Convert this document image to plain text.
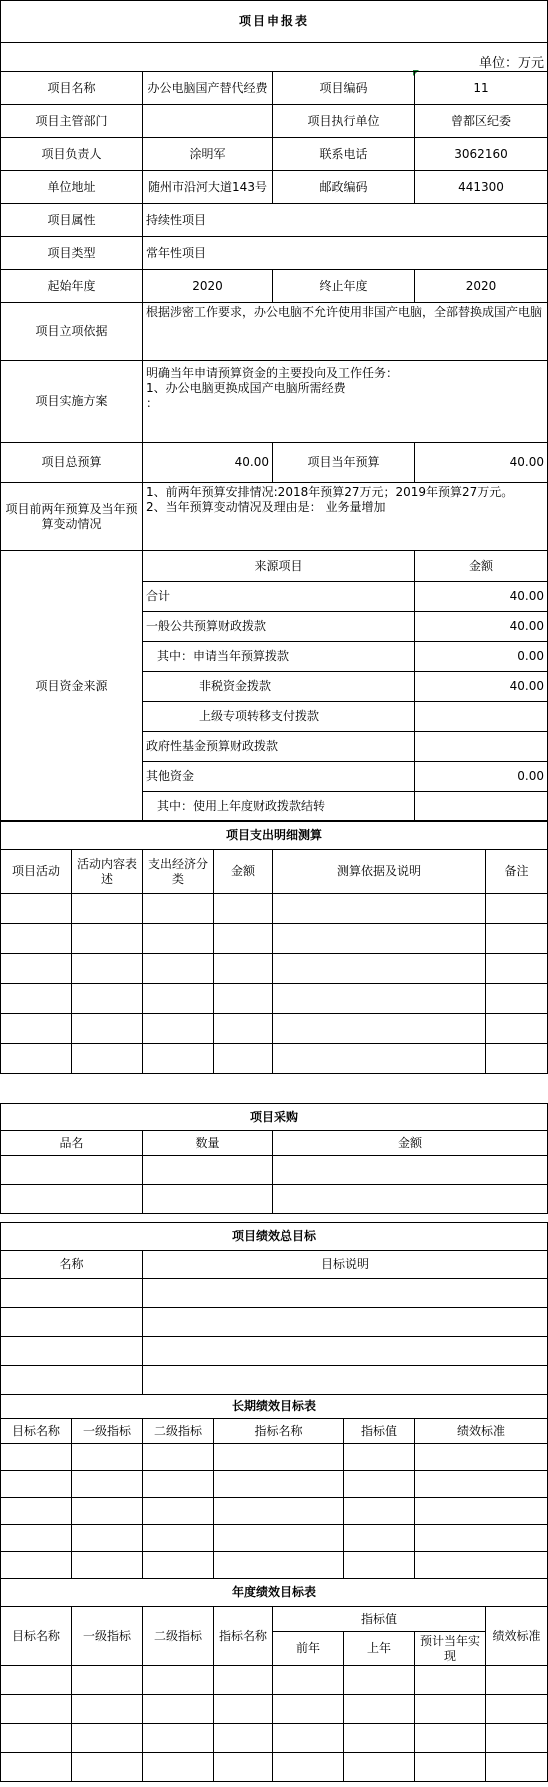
项目申报表			
单位：万元			
项目名称	办公电脑国产替代经费	项目编码	11
项目主管部门		项目执行单位	曾都区纪委
项目负责人	涂明军	联系电话	3062160
单位地址	随州市沿河大道143号	邮政编码	441300
项目属性	持续性项目		
项目类型	常年性项目		
起始年度	2020	终止年度	2020
项目立项依据	根据涉密工作要求，办公电脑不允许使用非国产电脑，全部替换成国产电脑		
项目实施方案	明确当年申请预算资金的主要投向及工作任务：
1、办公电脑更换成国产电脑所需经费
：		

项目总预算	40.00	项目当年预算	40.00
项目前两年预算及当年预算变动情况	1、前两年预算安排情况:2018年预算27万元；2019年预算27万元。
2、当年预算变动情况及理由是： 业务量增加		

项目资金来源	来源项目		金额
	合计		40.00
	一般公共预算财政拨款		40.00
	其中：申请当年预算拨款		0.00
	非税资金拨款		40.00
	上级专项转移支付拨款		
	政府性基金预算财政拨款		
	其他资金		0.00
	其中：使用上年度财政拨款结转		
项目支出明细测算					
项目活动	活动内容表述	支出经济分类	金额	测算依据及说明	备注

项目采购		
品名	数量	金额

项目绩效总目标	
名称	目标说明

长期绩效目标表					
目标名称	一级指标	二级指标	指标名称	指标值	绩效标准

年度绩效目标表							
目标名称	一级指标	二级指标	指标名称	指标值			绩效标准
				前年	上年	预计当年实现	
